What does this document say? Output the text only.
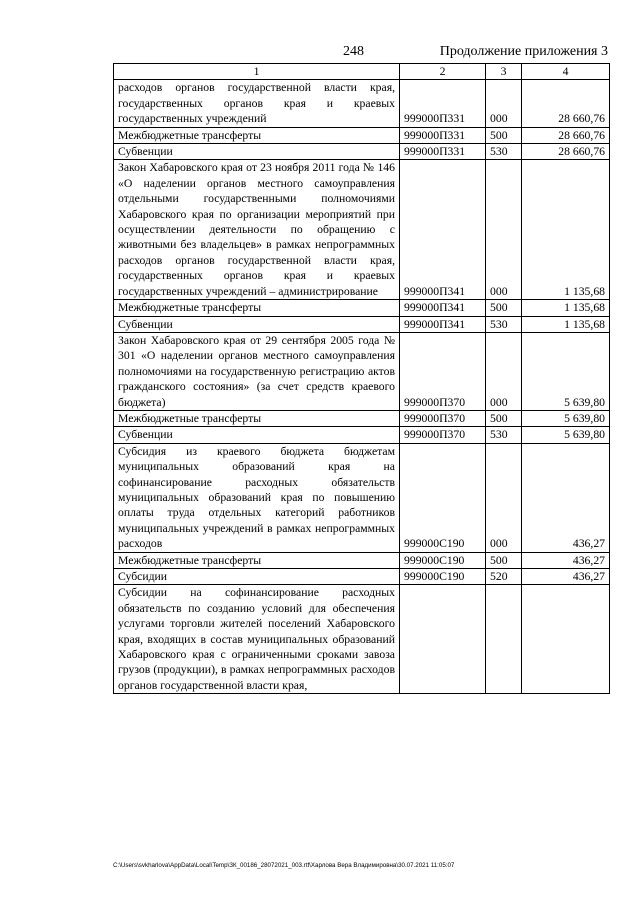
248	Продолжение приложения 3
1	2	3	4
расходов органов государственной власти края, государственных органов края и краевых государственных учреждений	999000П331	000	28 660,76
Межбюджетные трансферты	999000П331	500	28 660,76
Субвенции	999000П331	530	28 660,76
Закон Хабаровского края от 23 ноября 2011 года № 146 «О наделении органов местного самоуправления отдельными государственными полномочиями Хабаровского края по организации мероприятий при осуществлении деятельности по обращению с животными без владельцев» в рамках непрограммных расходов органов государственной власти края, государственных органов края и краевых государственных учреждений – администрирование	999000П341	000	1 135,68
Межбюджетные трансферты	999000П341	500	1 135,68
Субвенции	999000П341	530	1 135,68
Закон Хабаровского края от 29 сентября 2005 года № 301 «О наделении органов местного самоуправления полномочиями на государственную регистрацию актов гражданского состояния» (за счет средств краевого бюджета)	999000П370	000	5 639,80
Межбюджетные трансферты	999000П370	500	5 639,80
Субвенции	999000П370	530	5 639,80
Субсидия из краевого бюджета бюджетам муниципальных образований края на софинансирование расходных обязательств муниципальных образований края по повышению оплаты труда отдельных категорий работников муниципальных учреждений в рамках непрограммных расходов	999000С190	000	436,27
Межбюджетные трансферты	999000С190	500	436,27
Субсидии	999000С190	520	436,27
Субсидии на софинансирование расходных обязательств по созданию условий для обеспечения услугами торговли жителей поселений Хабаровского края, входящих в состав муниципальных образований Хабаровского края с ограниченными сроками завоза грузов (продукции), в рамках непрограммных расходов органов государственной власти края,			
C:\Users\svkharlova\AppData\Local\Temp\ЗК_00186_28072021_003.rtf\Харлова Вера Владимировна\30.07.2021 11:05:07
